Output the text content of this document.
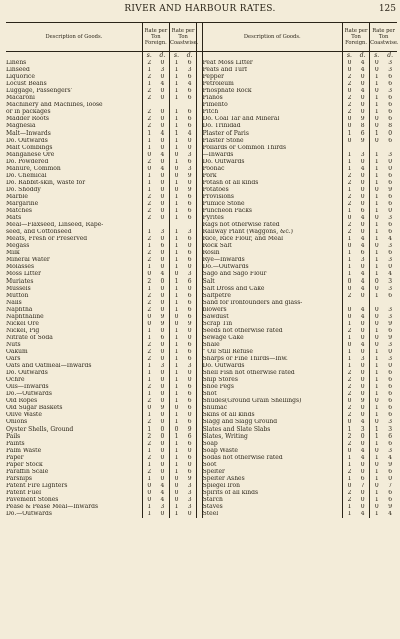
RIVER AND HARBOUR RATES.	125
Description of Goods.	Rate per Ton Foreign.		Rate per Ton Coastwise.			Description of Goods.	Rate per Ton Foreign.		Rate per Ton Coastwise.	
	s.	d.	s.	d.			s.	d.	s.	d.
Linens	2	0	1	6		Peat Moss Litter	0	4	0	3
Linseed	1	3	1	3		Peats and Turf	0	4	0	3
Liquorice	2	0	1	6		Pepper	2	0	1	6
Locust Beans	1	4	1	4		Petroleum	2	0	1	6
Luggage, Passengers'	2	0	1	6		Phosphate Rock	0	4	0	3
Macaroni	2	0	1	6		Pianos	2	0	1	6
Machinery and Machines, loose						Pimento	2	0	1	6
or in packages	2	0	1	6		Pitch	2	0	1	6
Madder Roots	2	0	1	6		Do. Coal Tar and Mineral	0	9	0	6
Magnesia	2	0	1	6		Do. Trinidad	0	8	0	8
Malt—Inwards	1	4	1	4		Plaster of Paris	1	6	1	0
Do. Outwards	1	0	1	0		Plaster Stone	0	9	0	6
Malt Combings	1	0	1	0		Pollards or Common Thirds				
Manganese Ore	0	4	0	3		—Inwards	1	3	1	3
Do. Powdered	2	0	1	6		Do. Outwards	1	0	1	0
Manure, Common	0	4	0	3		Poonac	1	4	1	0
Do. Chemical	1	0	0	9		Pork	2	0	1	6
Do. Rabbit-skin, waste for	1	0	1	0		Potash of all kinds	2	0	1	6
Do. Shoddy	1	0	0	9		Potatoes	1	0	0	9
Marble	2	0	1	6		Provisions	2	0	1	6
Margarine	2	0	1	6		Pumice Stone	2	0	1	6
Matches	2	0	1	6		Puncheon Packs	1	6	1	0
Mats	2	0	1	6		Pyrites	0	4	0	3
Meal—Flaxseed, Linseed, Rape-						Rags not otherwise rated	2	0	1	6
seed, and Cottonseed	1	3	1	3		Railway Plant (Waggons, &c.)	2	0	1	6
Meats, Fresh or Preserved	2	0	1	6		Rice, Rice Flour, and Meal	1	4	1	4
Megass	1	6	1	0		Rock Salt	0	4	0	3
Milk	2	0	1	6		Rosin	1	6	1	6
Mineral Water	2	0	1	6		Rye—Inwards	1	3	1	3
Molasses	1	0	1	0		Do.—Outwards	1	0	1	0
Moss Litter	0	4	0	3		Sago and Sago Flour	1	4	1	4
Muriates	2	0	1	6		Salt	0	4	0	3
Mussels	1	0	1	0		Salt Dross and Cake	0	4	0	3
Mutton	2	0	1	6		Saltpetre	2	0	1	6
Nails	2	0	1	6		Sand for ironfounders and glass-				
Naphtha	2	0	1	6		blowers	0	4	0	3
Naphthaline	0	9	0	6		Sawdust	0	4	0	3
Nickel Ore	0	9	0	9		Scrap Tin	1	0	0	9
Nickel, Pig	1	0	1	0		Seeds not otherwise rated	2	0	1	6
Nitrate of Soda	1	6	1	0		Sewage Cake	1	0	0	9
Nuts	2	0	1	6		Shale	0	4	0	3
Oakum	2	0	1	6		" Oil Still Refuse	1	0	1	0
Oars	2	0	1	6		Sharps or Fine Thirds—Inw.	1	3	1	3
Oats and Oatmeal—Inwards	1	3	1	3		Do. Outwards	1	0	1	0
Do. Outwards	1	0	1	0		Shell Fish not otherwise rated	2	0	1	6
Ochre	1	0	1	0		Ship Stores	2	0	1	6
Oils—Inwards	2	0	1	6		Shoe Pegs	2	0	1	6
Do.—Outwards	1	0	1	6		Shot	2	0	1	6
Old Ropes	2	0	1	6		Shudes(Ground Grain Shellings)	0	9	0	6
Old Sugar Baskets	0	9	0	6		Shumac	2	0	1	6
Olive Waste	1	0	1	0		Skins of all kinds	2	0	1	6
Onions	2	0	1	6		Slagg and Slagg Ground	0	4	0	3
Oyster Shells, Ground	1	0	0	9		Slates and Slate Slabs	1	3	1	3
Pails	2	0	1	6		Slates, Writing	2	0	1	6
Paints	2	0	1	6		Soap	2	0	1	6
Palm Waste	1	0	1	0		Soap Waste	0	4	0	3
Paper	2	0	1	6		Sodas not otherwise rated	1	4	1	4
Paper Stock	1	0	1	0		Soot	1	0	0	9
Paraffin Scale	2	0	1	6		Spelter	2	0	1	6
Parsnips	1	0	0	9		Spelter Ashes	1	6	1	0
Patent Fire Lighters	0	4	0	3		Spiegel Iron	0	7	0	7
Patent Fuel	0	4	0	3		Spirits of all kinds	2	0	1	6
Pavement Stones	0	4	0	3		Starch	2	0	1	6
Pease & Pease Meal—Inwards	1	3	1	3		Staves	1	0	0	9
Do.—Outwards	1	0	1	0		Steel	1	4	1	4
